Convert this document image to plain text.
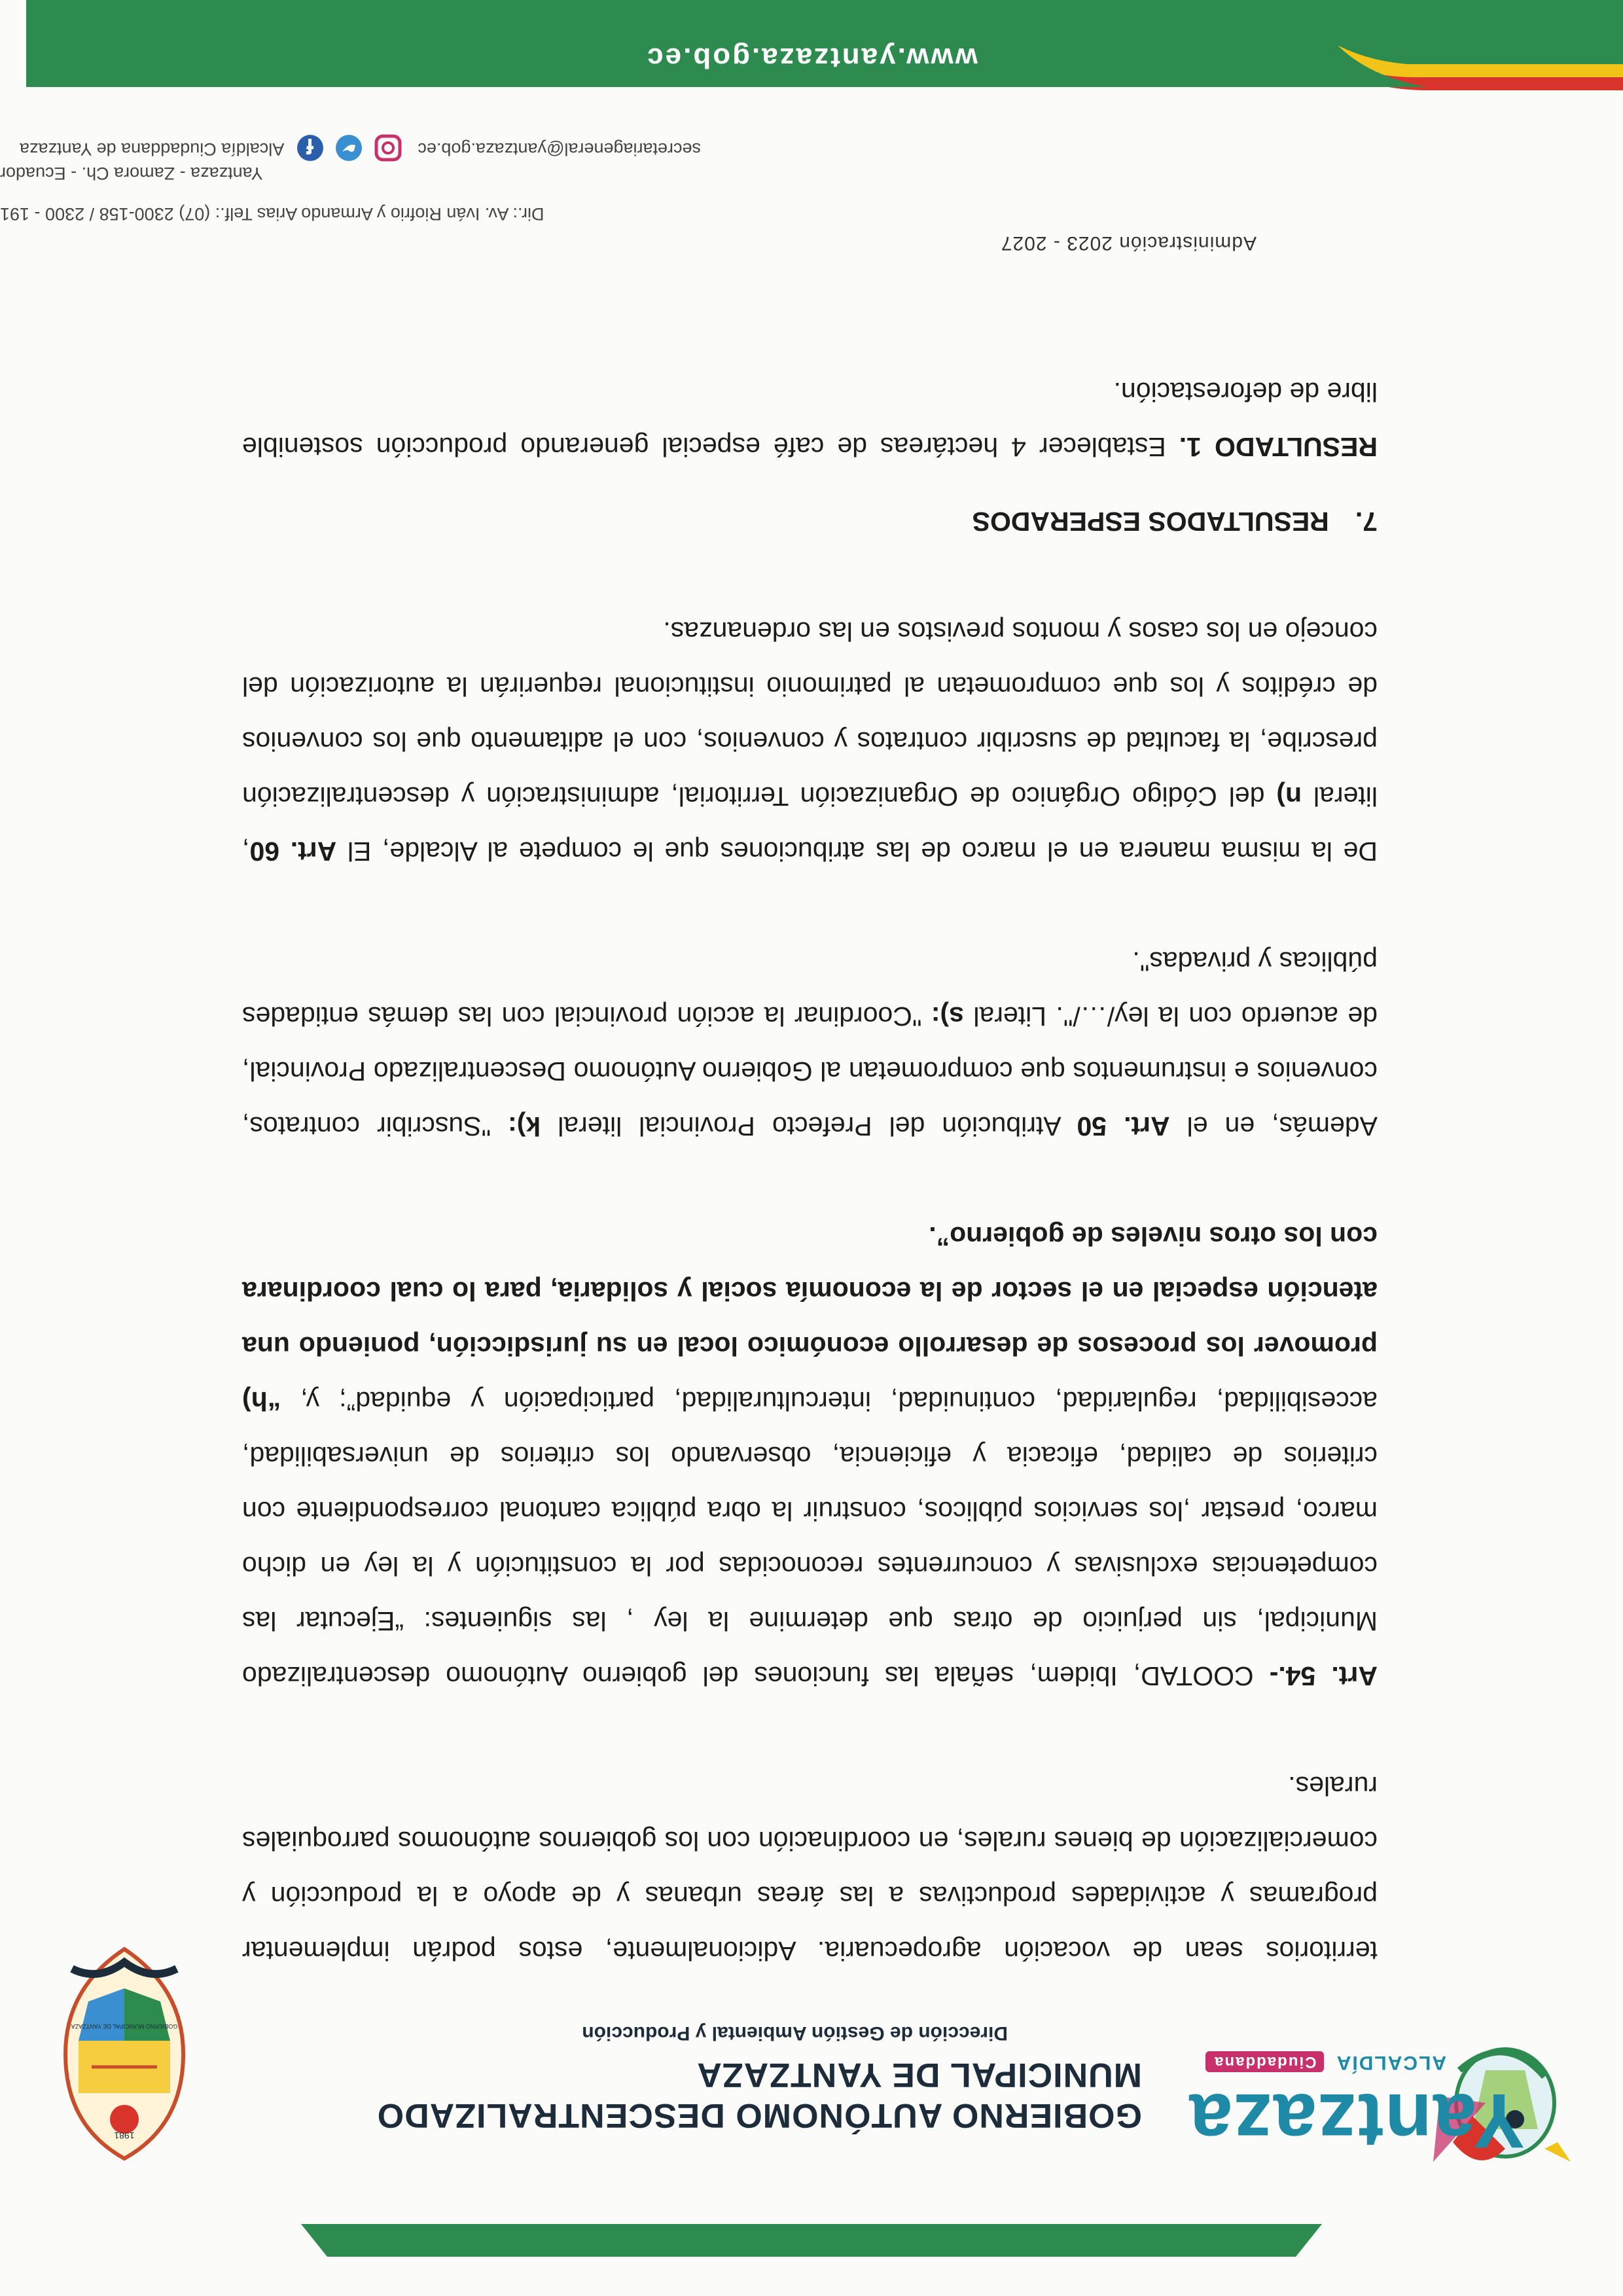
Yantzaza
ALCALDÍA Ciudaddana
GOBIERNO AUTÓNOMO DESCENTRALIZADO
MUNICIPAL DE YANTZAZA
Dirección de Gestión Ambiental y Producción
GOBIERNO MUNICIPAL DE YANTZAZA
1981

territorios sean de vocación agropecuaria. Adicionalmente, estos podrán implementar programas y actividades productivas a las áreas urbanas y de apoyo a la producción y comercialización de bienes rurales, en coordinación con los gobiernos autónomos parroquiales rurales.

Art. 54.- COOTAD, Ibidem, señala las funciones del gobierno Autónomo descentralizado Municipal, sin perjuicio de otras que determine la ley , las siguientes: “Ejecutar las competencias exclusivas y concurrentes reconocidas por la constitución y la ley en dicho marco, prestar ,los servicios públicos, construir la obra pública cantonal correspondiente con criterios de calidad, eficacia y eficiencia, observando los criterios de universabilidad, accesibilidad, regularidad, continuidad, interculturalidad, participación y equidad”; y, “h) promover los procesos de desarrollo económico local en su jurisdicción, poniendo una atención especial en el sector de la economía social y solidaria, para lo cual coordinara con los otros niveles de gobierno”.

Además, en el Art. 50 Atribución del Prefecto Provincial literal k): "Suscribir contratos, convenios e instrumentos que comprometan al Gobierno Autónomo Descentralizado Provincial, de acuerdo con la ley/…/". Literal s): "Coordinar la acción provincial con las demás entidades públicas y privadas".

De la misma manera en el marco de las atribuciones que le compete al Alcalde, El Art. 60, literal n) del Código Orgánico de Organización Territorial, administración y descentralización prescribe, la facultad de suscribir contratos y convenios, con el aditamento que los convenios de créditos y los que comprometan al patrimonio institucional requerirán la autorización del concejo en los casos y montos previstos en las ordenanzas.

7.RESULTADOS ESPERADOS

RESULTADO 1. Establecer 4 hectáreas de café especial generando producción sostenible libre de deforestación.

Administración 2023 - 2027
Dir.: Av. Iván Riofrio y Armando Arias Telf.: (07) 2300-158 / 2300 - 191
Yantzaza - Zamora Ch. - Ecuador
secretariageneral@yantzaza.gob.ec    Alcaldía Ciudaddana de Yantzaza
www.yantzaza.gob.ec
